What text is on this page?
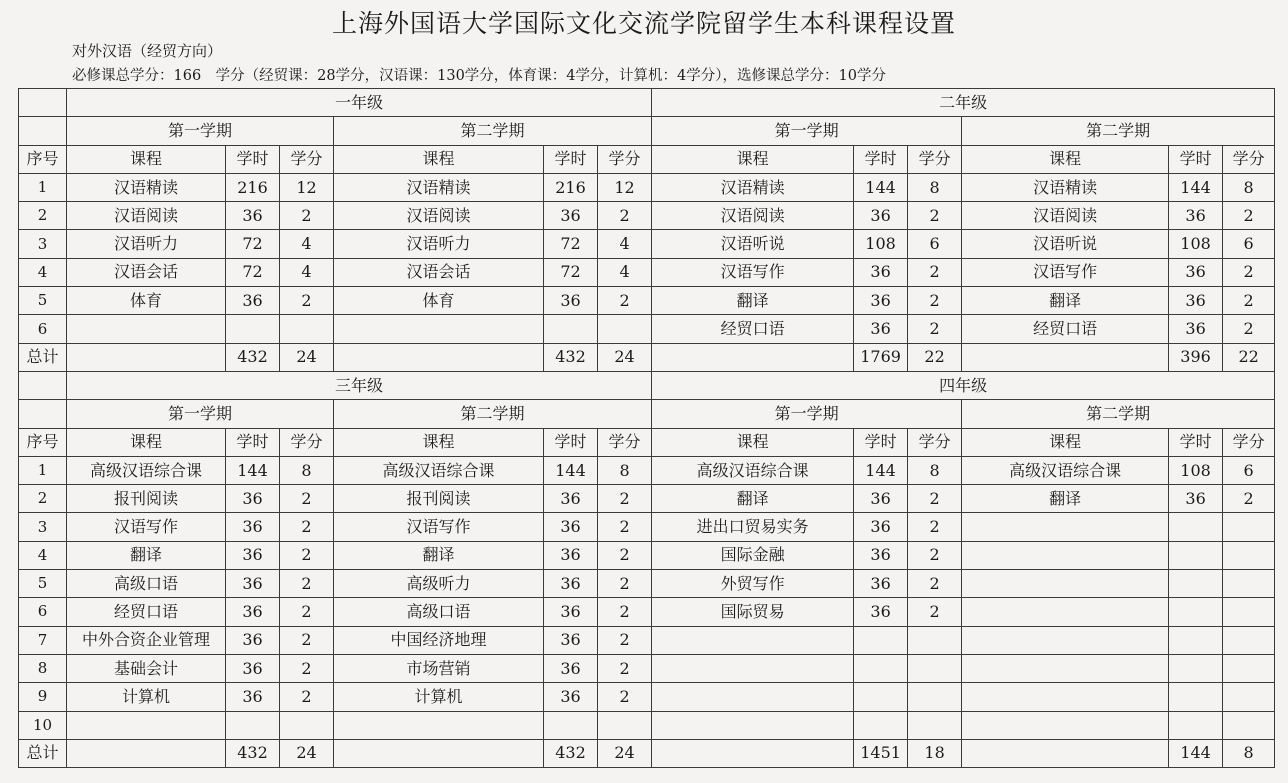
上海外国语大学国际文化交流学院留学生本科课程设置
对外汉语（经贸方向）
必修课总学分：166　学分（经贸课：28学分，汉语课：130学分，体育课：4学分，计算机：4学分），选修课总学分：10学分
	一年级						二年级					
	第一学期			第二学期			第一学期			第二学期		
序号	课程	学时	学分	课程	学时	学分	课程	学时	学分	课程	学时	学分
1	汉语精读	216	12	汉语精读	216	12	汉语精读	144	8	汉语精读	144	8
2	汉语阅读	36	2	汉语阅读	36	2	汉语阅读	36	2	汉语阅读	36	2
3	汉语听力	72	4	汉语听力	72	4	汉语听说	108	6	汉语听说	108	6
4	汉语会话	72	4	汉语会话	72	4	汉语写作	36	2	汉语写作	36	2
5	体育	36	2	体育	36	2	翻译	36	2	翻译	36	2
6							经贸口语	36	2	经贸口语	36	2
总计		432	24		432	24		1769	22		396	22
	三年级						四年级					
	第一学期			第二学期			第一学期			第二学期		
序号	课程	学时	学分	课程	学时	学分	课程	学时	学分	课程	学时	学分
1	高级汉语综合课	144	8	高级汉语综合课	144	8	高级汉语综合课	144	8	高级汉语综合课	108	6
2	报刊阅读	36	2	报刊阅读	36	2	翻译	36	2	翻译	36	2
3	汉语写作	36	2	汉语写作	36	2	进出口贸易实务	36	2			
4	翻译	36	2	翻译	36	2	国际金融	36	2			
5	高级口语	36	2	高级听力	36	2	外贸写作	36	2			
6	经贸口语	36	2	高级口语	36	2	国际贸易	36	2			
7	中外合资企业管理	36	2	中国经济地理	36	2						
8	基础会计	36	2	市场营销	36	2						
9	计算机	36	2	计算机	36	2						
10												
总计		432	24		432	24		1451	18		144	8
